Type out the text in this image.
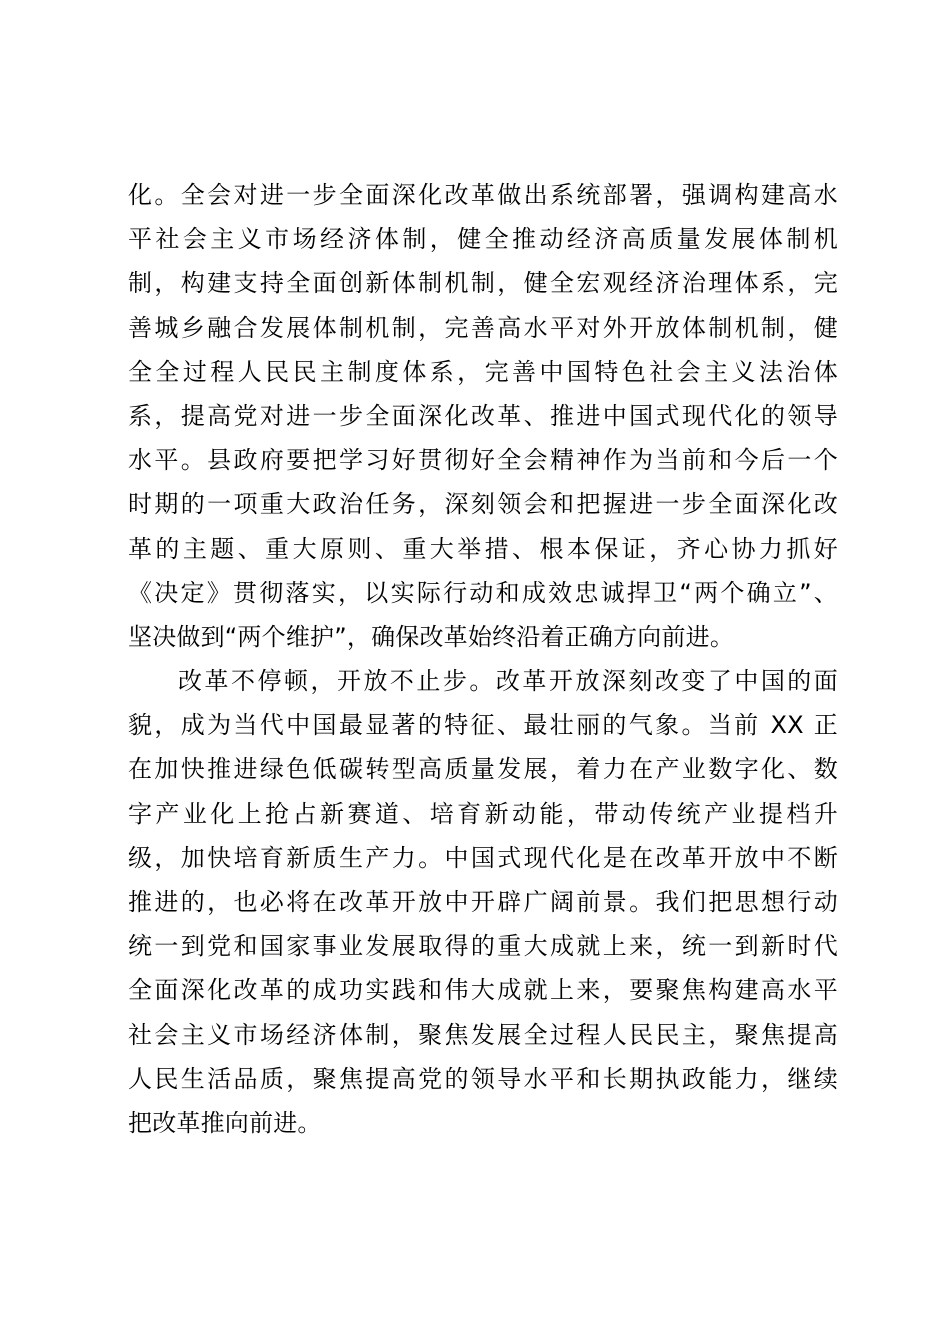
化。全会对进一步全面深化改革做出系统部署，强调构建高水
平社会主义市场经济体制，健全推动经济高质量发展体制机
制，构建支持全面创新体制机制，健全宏观经济治理体系，完
善城乡融合发展体制机制，完善高水平对外开放体制机制，健
全全过程人民民主制度体系，完善中国特色社会主义法治体
系，提高党对进一步全面深化改革、推进中国式现代化的领导
水平。县政府要把学习好贯彻好全会精神作为当前和今后一个
时期的一项重大政治任务，深刻领会和把握进一步全面深化改
革的主题、重大原则、重大举措、根本保证，齐心协力抓好
《决定》贯彻落实，以实际行动和成效忠诚捍卫“两个确立”、
坚决做到“两个维护”，确保改革始终沿着正确方向前进。
改革不停顿，开放不止步。改革开放深刻改变了中国的面
貌，成为当代中国最显著的特征、最壮丽的气象。当前 XX 正
在加快推进绿色低碳转型高质量发展，着力在产业数字化、数
字产业化上抢占新赛道、培育新动能，带动传统产业提档升
级，加快培育新质生产力。中国式现代化是在改革开放中不断
推进的，也必将在改革开放中开辟广阔前景。我们把思想行动
统一到党和国家事业发展取得的重大成就上来，统一到新时代
全面深化改革的成功实践和伟大成就上来，要聚焦构建高水平
社会主义市场经济体制，聚焦发展全过程人民民主，聚焦提高
人民生活品质，聚焦提高党的领导水平和长期执政能力，继续
把改革推向前进。
